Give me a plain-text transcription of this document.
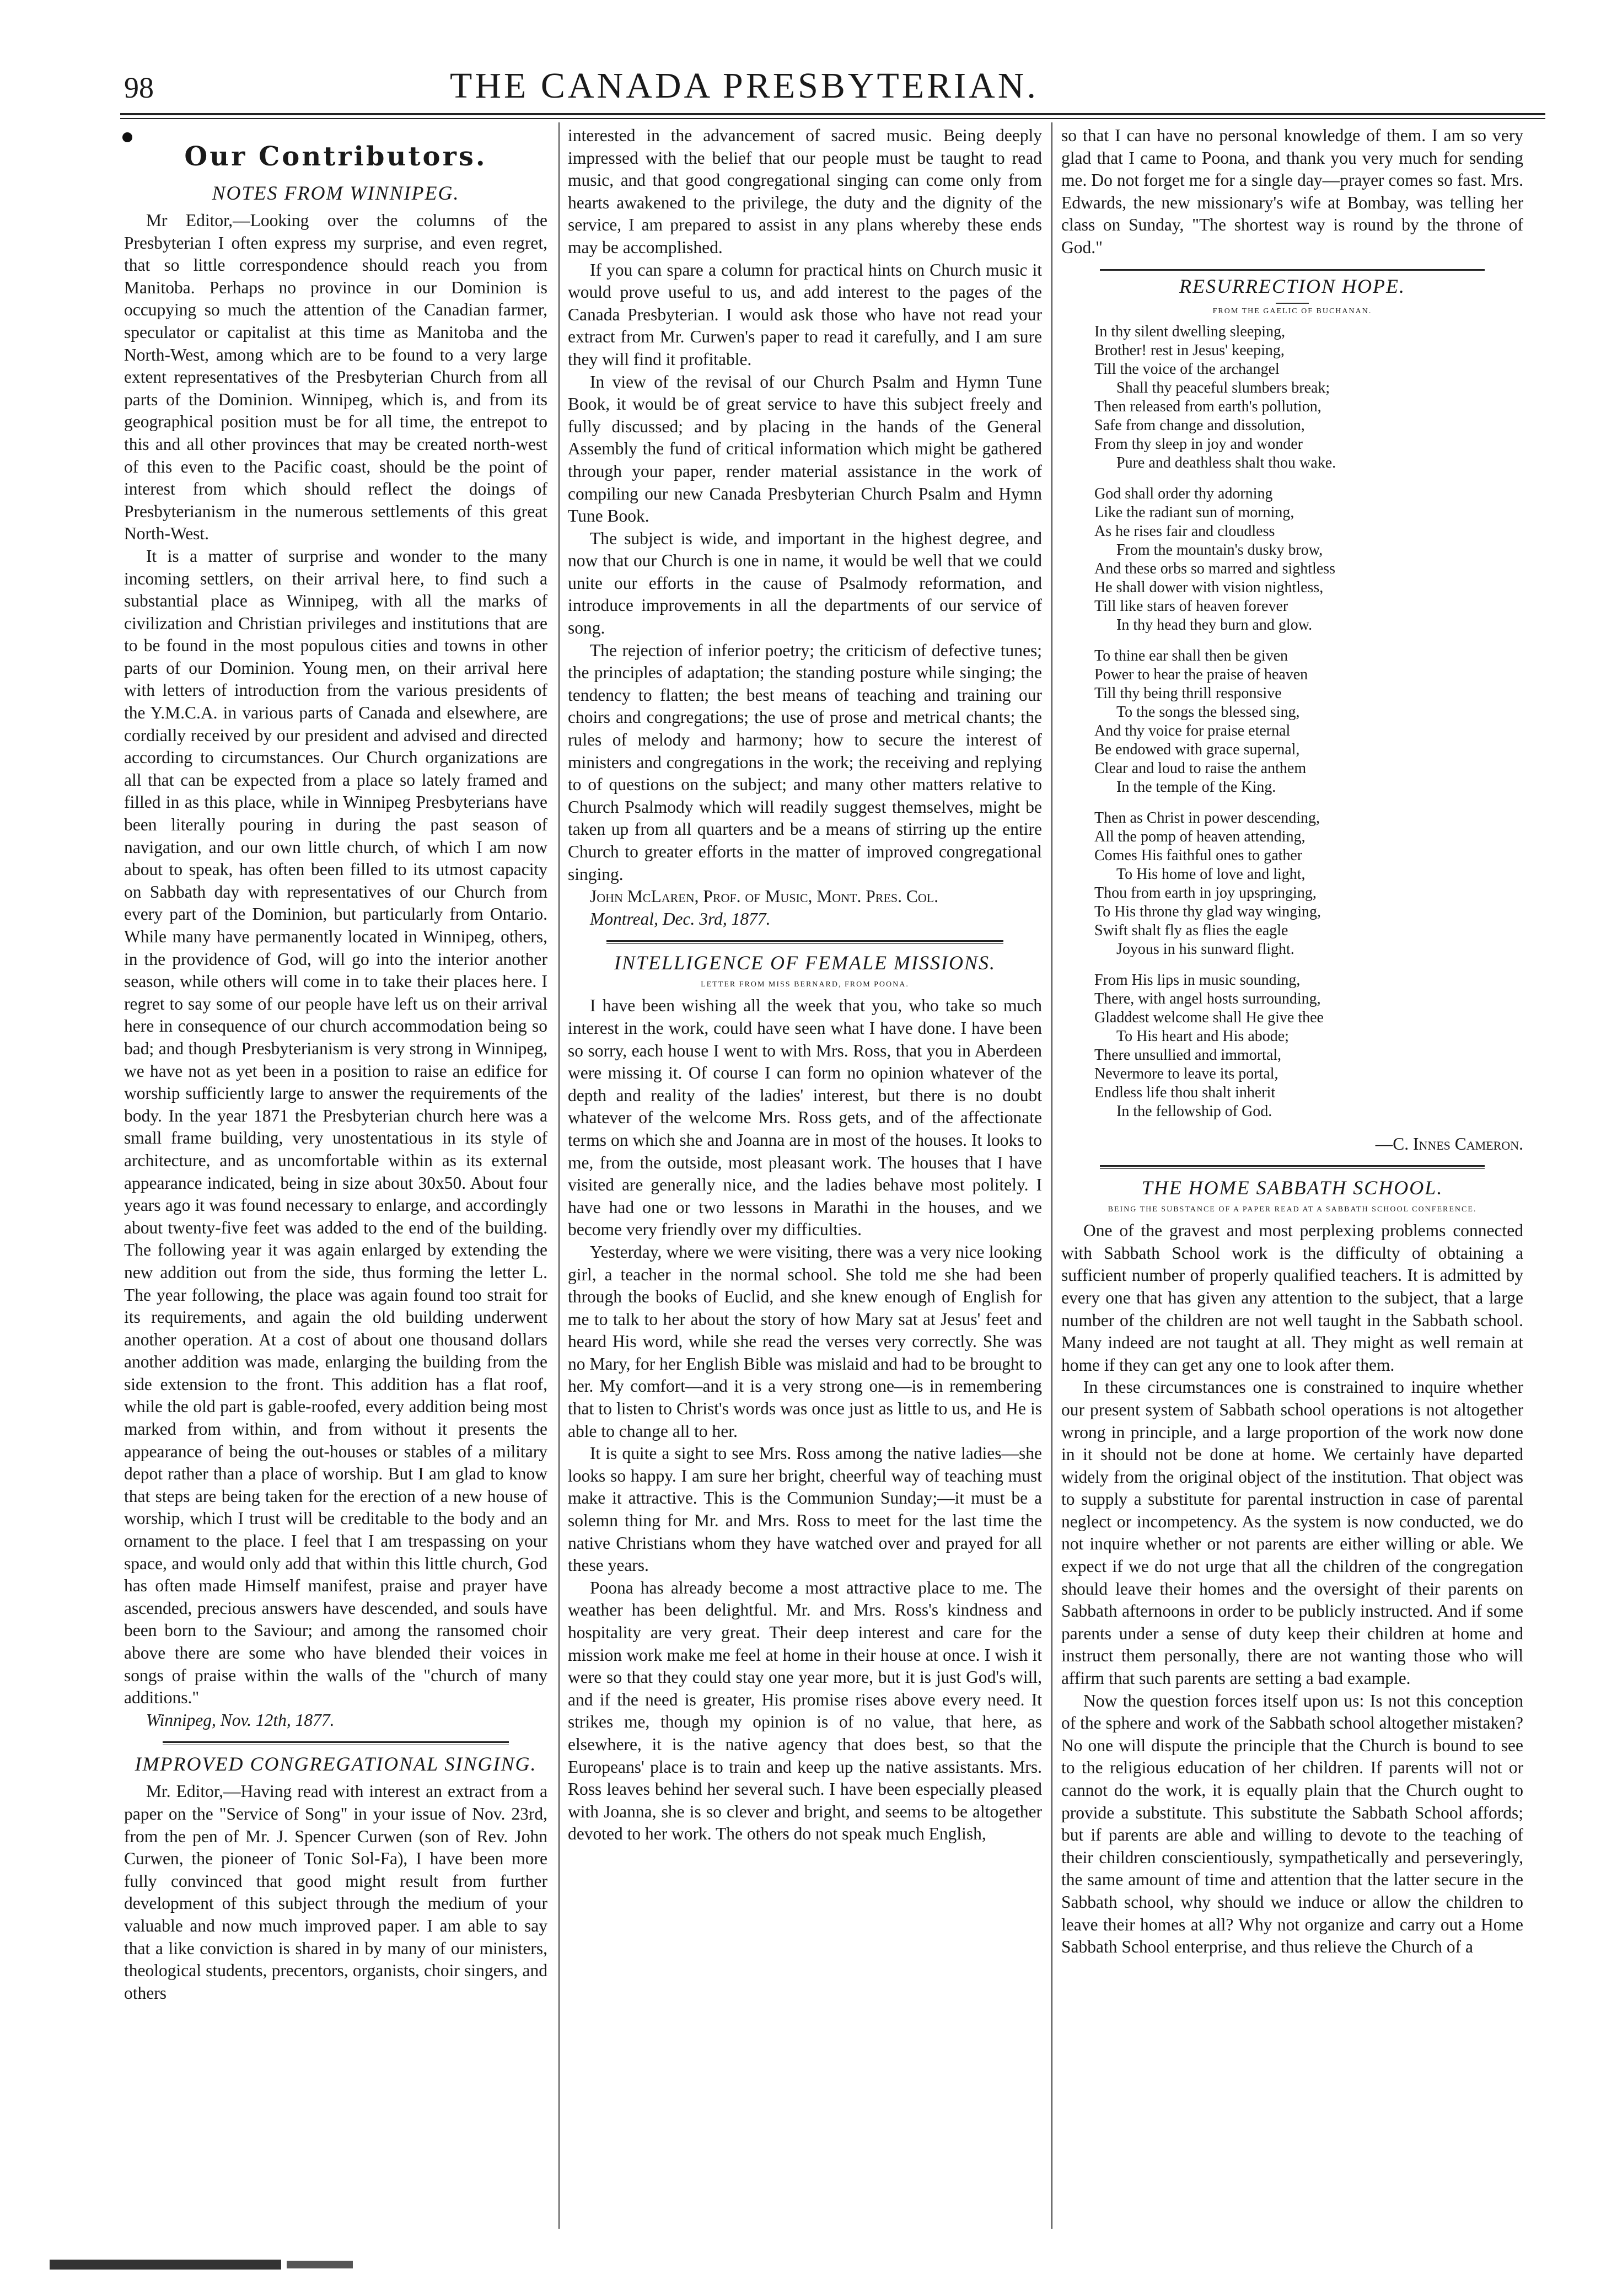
98	THE CANADA PRESBYTERIAN.
Our Contributors.
NOTES FROM WINNIPEG.

Mr Editor,—Looking over the columns of the Presbyterian I often express my surprise, and even regret, that so little correspondence should reach you from Manitoba. Perhaps no province in our Dominion is occupying so much the attention of the Canadian farmer, speculator or capitalist at this time as Manitoba and the North-West, among which are to be found to a very large extent representatives of the Presbyterian Church from all parts of the Dominion. Winnipeg, which is, and from its geographical position must be for all time, the entrepot to this and all other provinces that may be created north-west of this even to the Pacific coast, should be the point of interest from which should reflect the doings of Presbyterianism in the numerous settlements of this great North-West.

It is a matter of surprise and wonder to the many incoming settlers, on their arrival here, to find such a substantial place as Winnipeg, with all the marks of civilization and Christian privileges and institutions that are to be found in the most populous cities and towns in other parts of our Dominion. Young men, on their arrival here with letters of introduction from the various presidents of the Y.M.C.A. in various parts of Canada and elsewhere, are cordially received by our president and advised and directed according to circumstances. Our Church organizations are all that can be expected from a place so lately framed and filled in as this place, while in Winnipeg Presbyterians have been literally pouring in during the past season of navigation, and our own little church, of which I am now about to speak, has often been filled to its utmost capacity on Sabbath day with representatives of our Church from every part of the Dominion, but particularly from Ontario. While many have permanently located in Winnipeg, others, in the providence of God, will go into the interior another season, while others will come in to take their places here. I regret to say some of our people have left us on their arrival here in consequence of our church accommodation being so bad; and though Presbyterianism is very strong in Winnipeg, we have not as yet been in a position to raise an edifice for worship sufficiently large to answer the requirements of the body. In the year 1871 the Presbyterian church here was a small frame building, very unostentatious in its style of architecture, and as uncomfortable within as its external appearance indicated, being in size about 30x50. About four years ago it was found necessary to enlarge, and accordingly about twenty-five feet was added to the end of the building. The following year it was again enlarged by extending the new addition out from the side, thus forming the letter L. The year following, the place was again found too strait for its requirements, and again the old building underwent another operation. At a cost of about one thousand dollars another addition was made, enlarging the building from the side extension to the front. This addition has a flat roof, while the old part is gable-roofed, every addition being most marked from within, and from without it presents the appearance of being the out-houses or stables of a military depot rather than a place of worship. But I am glad to know that steps are being taken for the erection of a new house of worship, which I trust will be creditable to the body and an ornament to the place. I feel that I am trespassing on your space, and would only add that within this little church, God has often made Himself manifest, praise and prayer have ascended, precious answers have descended, and souls have been born to the Saviour; and among the ransomed choir above there are some who have blended their voices in songs of praise within the walls of the "church of many additions."

Winnipeg, Nov. 12th, 1877.

IMPROVED CONGREGATIONAL SINGING.

Mr. Editor,—Having read with interest an extract from a paper on the "Service of Song" in your issue of Nov. 23rd, from the pen of Mr. J. Spencer Curwen (son of Rev. John Curwen, the pioneer of Tonic Sol-Fa), I have been more fully convinced that good might result from further development of this subject through the medium of your valuable and now much improved paper. I am able to say that a like conviction is shared in by many of our ministers, theological students, precentors, organists, choir singers, and others

interested in the advancement of sacred music. Being deeply impressed with the belief that our people must be taught to read music, and that good congregational singing can come only from hearts awakened to the privilege, the duty and the dignity of the service, I am prepared to assist in any plans whereby these ends may be accomplished.

If you can spare a column for practical hints on Church music it would prove useful to us, and add interest to the pages of the Canada Presbyterian. I would ask those who have not read your extract from Mr. Curwen's paper to read it carefully, and I am sure they will find it profitable.

In view of the revisal of our Church Psalm and Hymn Tune Book, it would be of great service to have this subject freely and fully discussed; and by placing in the hands of the General Assembly the fund of critical information which might be gathered through your paper, render material assistance in the work of compiling our new Canada Presbyterian Church Psalm and Hymn Tune Book.

The subject is wide, and important in the highest degree, and now that our Church is one in name, it would be well that we could unite our efforts in the cause of Psalmody reformation, and introduce improvements in all the departments of our service of song.

The rejection of inferior poetry; the criticism of defective tunes; the principles of adaptation; the standing posture while singing; the tendency to flatten; the best means of teaching and training our choirs and congregations; the use of prose and metrical chants; the rules of melody and harmony; how to secure the interest of ministers and congregations in the work; the receiving and replying to of questions on the subject; and many other matters relative to Church Psalmody which will readily suggest themselves, might be taken up from all quarters and be a means of stirring up the entire Church to greater efforts in the matter of improved congregational singing.

John McLaren, Prof. of Music, Mont. Pres. Col.

Montreal, Dec. 3rd, 1877.

INTELLIGENCE OF FEMALE MISSIONS.
LETTER FROM MISS BERNARD, FROM POONA.

I have been wishing all the week that you, who take so much interest in the work, could have seen what I have done. I have been so sorry, each house I went to with Mrs. Ross, that you in Aberdeen were missing it. Of course I can form no opinion whatever of the depth and reality of the ladies' interest, but there is no doubt whatever of the welcome Mrs. Ross gets, and of the affectionate terms on which she and Joanna are in most of the houses. It looks to me, from the outside, most pleasant work. The houses that I have visited are generally nice, and the ladies behave most politely. I have had one or two lessons in Marathi in the houses, and we become very friendly over my difficulties.

Yesterday, where we were visiting, there was a very nice looking girl, a teacher in the normal school. She told me she had been through the books of Euclid, and she knew enough of English for me to talk to her about the story of how Mary sat at Jesus' feet and heard His word, while she read the verses very correctly. She was no Mary, for her English Bible was mislaid and had to be brought to her. My comfort—and it is a very strong one—is in remembering that to listen to Christ's words was once just as little to us, and He is able to change all to her.

It is quite a sight to see Mrs. Ross among the native ladies—she looks so happy. I am sure her bright, cheerful way of teaching must make it attractive. This is the Communion Sunday;—it must be a solemn thing for Mr. and Mrs. Ross to meet for the last time the native Christians whom they have watched over and prayed for all these years.

Poona has already become a most attractive place to me. The weather has been delightful. Mr. and Mrs. Ross's kindness and hospitality are very great. Their deep interest and care for the mission work make me feel at home in their house at once. I wish it were so that they could stay one year more, but it is just God's will, and if the need is greater, His promise rises above every need. It strikes me, though my opinion is of no value, that here, as elsewhere, it is the native agency that does best, so that the Europeans' place is to train and keep up the native assistants. Mrs. Ross leaves behind her several such. I have been especially pleased with Joanna, she is so clever and bright, and seems to be altogether devoted to her work. The others do not speak much English,

so that I can have no personal knowledge of them. I am so very glad that I came to Poona, and thank you very much for sending me. Do not forget me for a single day—prayer comes so fast. Mrs. Edwards, the new missionary's wife at Bombay, was telling her class on Sunday, "The shortest way is round by the throne of God."

RESURRECTION HOPE.
FROM THE GAELIC OF BUCHANAN.
In thy silent dwelling sleeping,
Brother! rest in Jesus' keeping,
Till the voice of the archangel
Shall thy peaceful slumbers break;
Then released from earth's pollution,
Safe from change and dissolution,
From thy sleep in joy and wonder
Pure and deathless shalt thou wake.
God shall order thy adorning
Like the radiant sun of morning,
As he rises fair and cloudless
From the mountain's dusky brow,
And these orbs so marred and sightless
He shall dower with vision nightless,
Till like stars of heaven forever
In thy head they burn and glow.
To thine ear shall then be given
Power to hear the praise of heaven
Till thy being thrill responsive
To the songs the blessed sing,
And thy voice for praise eternal
Be endowed with grace supernal,
Clear and loud to raise the anthem
In the temple of the King.
Then as Christ in power descending,
All the pomp of heaven attending,
Comes His faithful ones to gather
To His home of love and light,
Thou from earth in joy upspringing,
To His throne thy glad way winging,
Swift shalt fly as flies the eagle
Joyous in his sunward flight.
From His lips in music sounding,
There, with angel hosts surrounding,
Gladdest welcome shall He give thee
To His heart and His abode;
There unsullied and immortal,
Nevermore to leave its portal,
Endless life thou shalt inherit
In the fellowship of God.

—C. Innes Cameron.

THE HOME SABBATH SCHOOL.
BEING THE SUBSTANCE OF A PAPER READ AT A SABBATH SCHOOL CONFERENCE.

One of the gravest and most perplexing problems connected with Sabbath School work is the difficulty of obtaining a sufficient number of properly qualified teachers. It is admitted by every one that has given any attention to the subject, that a large number of the children are not well taught in the Sabbath school. Many indeed are not taught at all. They might as well remain at home if they can get any one to look after them.

In these circumstances one is constrained to inquire whether our present system of Sabbath school operations is not altogether wrong in principle, and a large proportion of the work now done in it should not be done at home. We certainly have departed widely from the original object of the institution. That object was to supply a substitute for parental instruction in case of parental neglect or incompetency. As the system is now conducted, we do not inquire whether or not parents are either willing or able. We expect if we do not urge that all the children of the congregation should leave their homes and the oversight of their parents on Sabbath afternoons in order to be publicly instructed. And if some parents under a sense of duty keep their children at home and instruct them personally, there are not wanting those who will affirm that such parents are setting a bad example.

Now the question forces itself upon us: Is not this conception of the sphere and work of the Sabbath school altogether mistaken? No one will dispute the principle that the Church is bound to see to the religious education of her children. If parents will not or cannot do the work, it is equally plain that the Church ought to provide a substitute. This substitute the Sabbath School affords; but if parents are able and willing to devote to the teaching of their children conscientiously, sympathetically and perseveringly, the same amount of time and attention that the latter secure in the Sabbath school, why should we induce or allow the children to leave their homes at all? Why not organize and carry out a Home Sabbath School enterprise, and thus relieve the Church of a
